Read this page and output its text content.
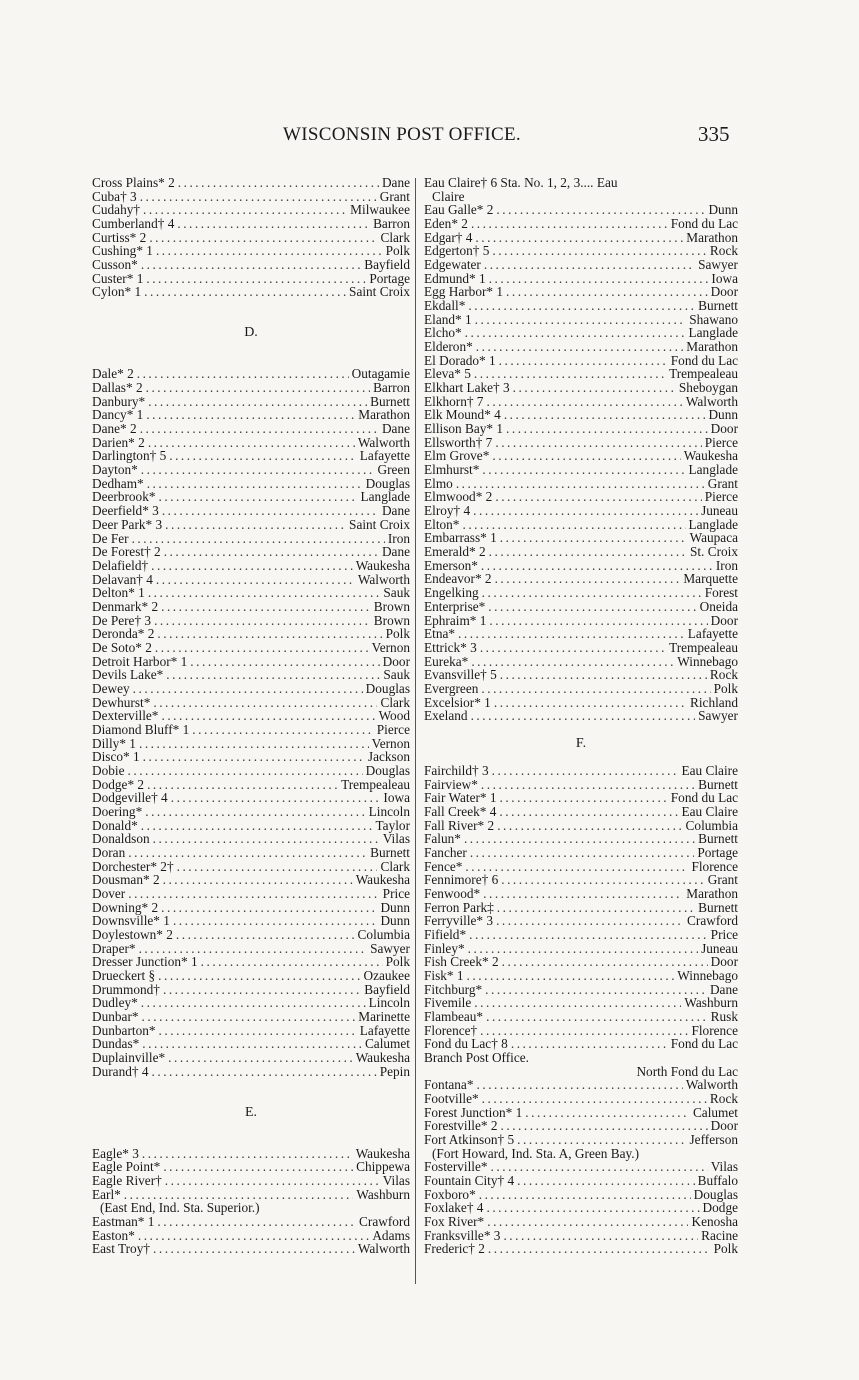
WISCONSIN POST OFFICE.	335
Cross Plains* 2 . . .	Dane
Cuba† 3 . . .	Grant
Cudahy† . . .	Milwaukee
Cumberland† 4 . . .	Barron
Curtiss* 2 . . .	Clark
Cushing* 1 . . .	Polk
Cusson* . . .	Bayfield
Custer* 1 . . .	Portage
Cylon* 1 . . .	Saint Croix
D.
Dale* 2 . . .	Outagamie
Dallas* 2 . . .	Barron
Danbury* . . .	Burnett
Dancy* 1 . . .	Marathon
Dane* 2 . . .	Dane
Darien* 2 . . .	Walworth
Darlington† 5 . . .	Lafayette
Dayton* . . .	Green
Dedham* . . .	Douglas
Deerbrook* . . .	Langlade
Deerfield* 3 . . .	Dane
Deer Park* 3 . . .	Saint Croix
De Fer . . .	Iron
De Forest† 2 . . .	Dane
Delafield† . . .	Waukesha
Delavan† 4 . . .	Walworth
Delton* 1 . . .	Sauk
Denmark* 2 . . .	Brown
De Pere† 3 . . .	Brown
Deronda* 2 . . .	Polk
De Soto* 2 . . .	Vernon
Detroit Harbor* 1 . . .	Door
Devils Lake* . . .	Sauk
Dewey . . .	Douglas
Dewhurst* . . .	Clark
Dexterville* . . .	Wood
Diamond Bluff* 1 . . .	Pierce
Dilly* 1 . . .	Vernon
Disco* 1 . . .	Jackson
Dobie . . .	Douglas
Dodge* 2 . . .	Trempealeau
Dodgeville† 4 . . .	Iowa
Doering* . . .	Lincoln
Donald* . . .	Taylor
Donaldson . . .	Vilas
Doran . . .	Burnett
Dorchester* 2† . . .	Clark
Dousman* 2 . . .	Waukesha
Dover . . .	Price
Downing* 2 . . .	Dunn
Downsville* 1 . . .	Dunn
Doylestown* 2 . . .	Columbia
Draper* . . .	Sawyer
Dresser Junction* 1 . . .	Polk
Drueckert § . . .	Ozaukee
Drummond† . . .	Bayfield
Dudley* . . .	Lincoln
Dunbar* . . .	Marinette
Dunbarton* . . .	Lafayette
Dundas* . . .	Calumet
Duplainville* . . .	Waukesha
Durand† 4 . . .	Pepin
E.
Eagle* 3 . . .	Waukesha
Eagle Point* . . .	Chippewa
Eagle River† . . .	Vilas
Earl* . . .	Washburn
(East End, Ind. Sta. Superior.)
Eastman* 1 . . .	Crawford
Easton* . . .	Adams
East Troy† . . .	Walworth
Eau Claire† 6 Sta. No. 1, 2, 3.... Eau
Claire
Eau Galle* 2 . . .	Dunn
Eden* 2 . . .	Fond du Lac
Edgar† 4 . . .	Marathon
Edgerton† 5 . . .	Rock
Edgewater . . .	Sawyer
Edmund* 1 . . .	Iowa
Egg Harbor* 1 . . .	Door
Ekdall* . . .	Burnett
Eland* 1 . . .	Shawano
Elcho* . . .	Langlade
Elderon* . . .	Marathon
El Dorado* 1 . . .	Fond du Lac
Eleva* 5 . . .	Trempealeau
Elkhart Lake† 3 . . .	Sheboygan
Elkhorn† 7 . . .	Walworth
Elk Mound* 4 . . .	Dunn
Ellison Bay* 1 . . .	Door
Ellsworth† 7 . . .	Pierce
Elm Grove* . . .	Waukesha
Elmhurst* . . .	Langlade
Elmo . . .	Grant
Elmwood* 2 . . .	Pierce
Elroy† 4 . . .	Juneau
Elton* . . .	Langlade
Embarrass* 1 . . .	Waupaca
Emerald* 2 . . .	St. Croix
Emerson* . . .	Iron
Endeavor* 2 . . .	Marquette
Engelking . . .	Forest
Enterprise* . . .	Oneida
Ephraim* 1 . . .	Door
Etna* . . .	Lafayette
Ettrick* 3 . . .	Trempealeau
Eureka* . . .	Winnebago
Evansville† 5 . . .	Rock
Evergreen . . .	Polk
Excelsior* 1 . . .	Richland
Exeland . . .	Sawyer
F.
Fairchild† 3 . . .	Eau Claire
Fairview* . . .	Burnett
Fair Water* 1 . . .	Fond du Lac
Fall Creek* 4 . . .	Eau Claire
Fall River* 2 . . .	Columbia
Falun* . . .	Burnett
Fancher . . .	Portage
Fence* . . .	Florence
Fennimore† 6 . . .	Grant
Fenwood* . . .	Marathon
Ferron Park‡ . . .	Burnett
Ferryville* 3 . . .	Crawford
Fifield* . . .	Price
Finley* . . .	Juneau
Fish Creek* 2 . . .	Door
Fisk* 1 . . .	Winnebago
Fitchburg* . . .	Dane
Fivemile . . .	Washburn
Flambeau* . . .	Rusk
Florence† . . .	Florence
Fond du Lac† 8 . . .	Fond du Lac
Branch Post Office.
North Fond du Lac
Fontana* . . .	Walworth
Footville* . . .	Rock
Forest Junction* 1 . . .	Calumet
Forestville* 2 . . .	Door
Fort Atkinson† 5 . . .	Jefferson
(Fort Howard, Ind. Sta. A, Green Bay.)
Fosterville* . . .	Vilas
Fountain City† 4 . . .	Buffalo
Foxboro* . . .	Douglas
Foxlake† 4 . . .	Dodge
Fox River* . . .	Kenosha
Franksville* 3 . . .	Racine
Frederic† 2 . . .	Polk
